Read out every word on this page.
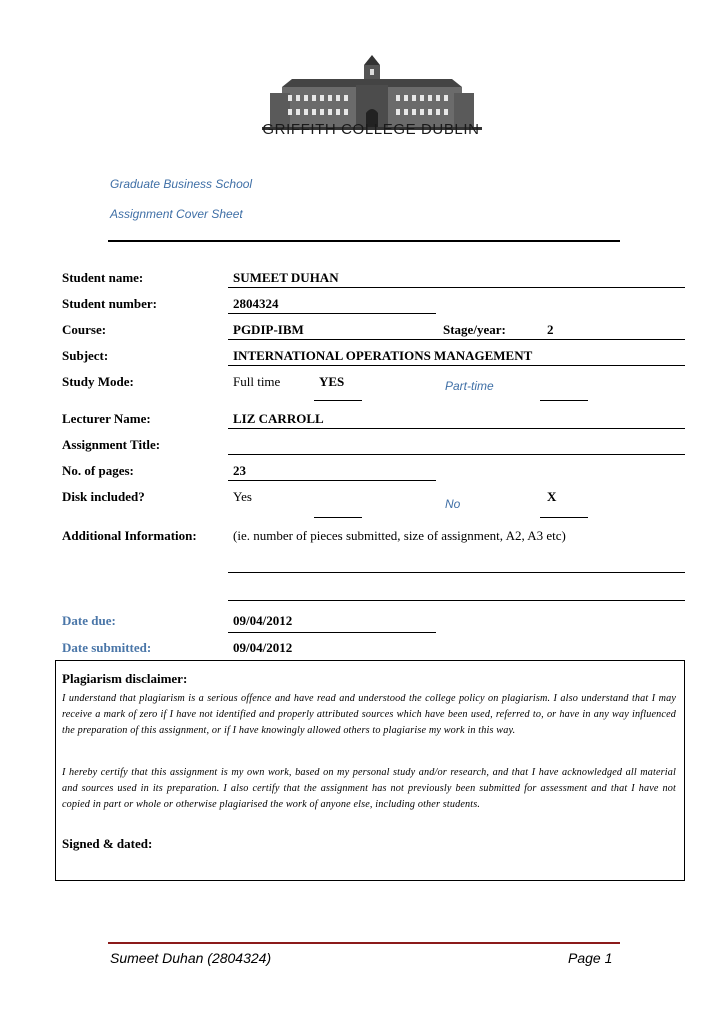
GRIFFITH COLLEGE DUBLIN
Graduate Business School
Assignment Cover Sheet
Student name:	SUMEET DUHAN
Student number:	2804324
Course:	PGDIP-IBM	Stage/year:	2
Subject:	INTERNATIONAL OPERATIONS MANAGEMENT
Study Mode:	Full time	YES	Part-time
Lecturer Name:	LIZ CARROLL
Assignment Title:
No. of pages:	23
Disk included?	Yes	No	X
Additional Information:	(ie. number of pieces submitted, size of assignment, A2, A3 etc)
Date due:	09/04/2012
Date submitted:	09/04/2012
Plagiarism disclaimer:
I understand that plagiarism is a serious offence and have read and understood the college policy on plagiarism. I also understand that I may receive a mark of zero if I have not identified and properly attributed sources which have been used, referred to, or have in any way influenced the preparation of this assignment, or if I have knowingly allowed others to plagiarise my work in this way.
I hereby certify that this assignment is my own work, based on my personal study and/or research, and that I have acknowledged all material and sources used in its preparation. I also certify that the assignment has not previously been submitted for assessment and that I have not copied in part or whole or otherwise plagiarised the work of anyone else, including other students.
Signed & dated:
Sumeet Duhan (2804324)	Page 1
